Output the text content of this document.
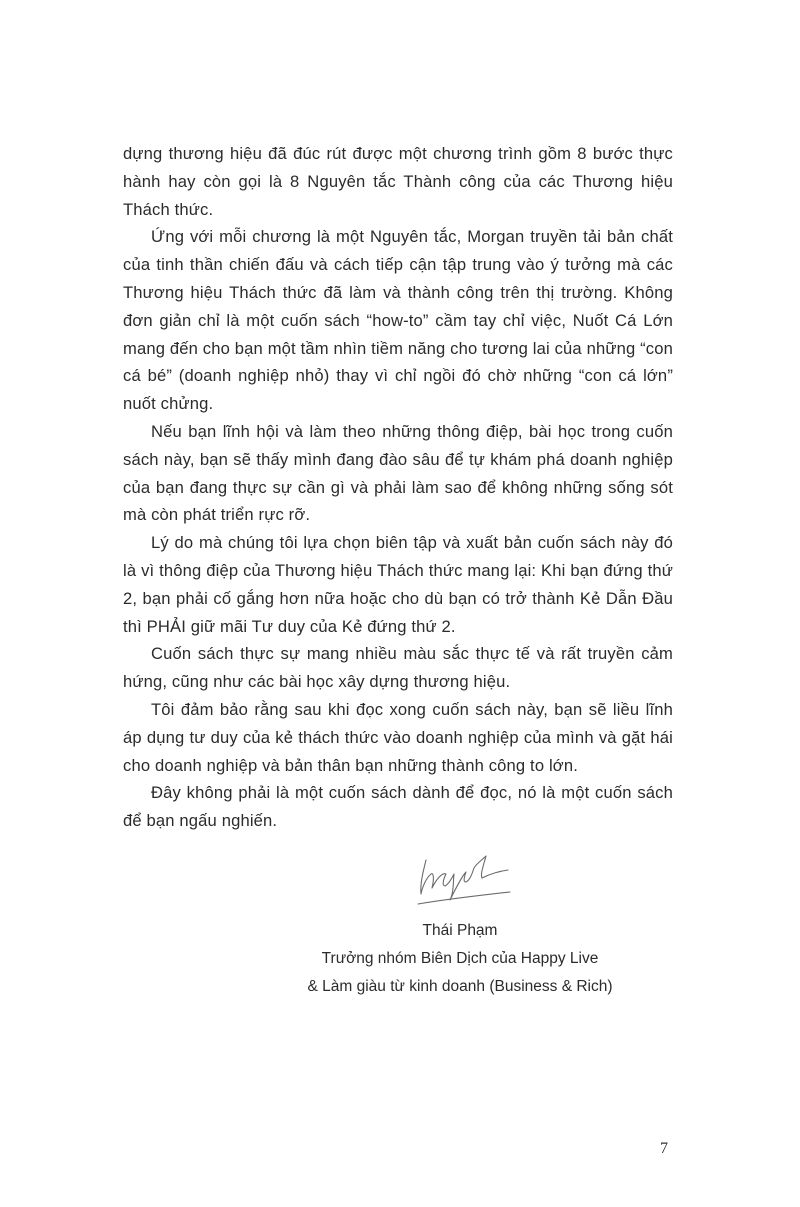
dựng thương hiệu đã đúc rút được một chương trình gồm 8 bước thực hành hay còn gọi là 8 Nguyên tắc Thành công của các Thương hiệu Thách thức.

Ứng với mỗi chương là một Nguyên tắc, Morgan truyền tải bản chất của tinh thần chiến đấu và cách tiếp cận tập trung vào ý tưởng mà các Thương hiệu Thách thức đã làm và thành công trên thị trường. Không đơn giản chỉ là một cuốn sách “how-to” cầm tay chỉ việc, Nuốt Cá Lớn mang đến cho bạn một tầm nhìn tiềm năng cho tương lai của những “con cá bé” (doanh nghiệp nhỏ) thay vì chỉ ngồi đó chờ những “con cá lớn” nuốt chửng.

Nếu bạn lĩnh hội và làm theo những thông điệp, bài học trong cuốn sách này, bạn sẽ thấy mình đang đào sâu để tự khám phá doanh nghiệp của bạn đang thực sự cần gì và phải làm sao để không những sống sót mà còn phát triển rực rỡ.

Lý do mà chúng tôi lựa chọn biên tập và xuất bản cuốn sách này đó là vì thông điệp của Thương hiệu Thách thức mang lại: Khi bạn đứng thứ 2, bạn phải cố gắng hơn nữa hoặc cho dù bạn có trở thành Kẻ Dẫn Đầu thì PHẢI giữ mãi Tư duy của Kẻ đứng thứ 2.

Cuốn sách thực sự mang nhiều màu sắc thực tế và rất truyền cảm hứng, cũng như các bài học xây dựng thương hiệu.

Tôi đảm bảo rằng sau khi đọc xong cuốn sách này, bạn sẽ liều lĩnh áp dụng tư duy của kẻ thách thức vào doanh nghiệp của mình và gặt hái cho doanh nghiệp và bản thân bạn những thành công to lớn.

Đây không phải là một cuốn sách dành để đọc, nó là một cuốn sách để bạn ngấu nghiến.

Thái Phạm
Trưởng nhóm Biên Dịch của Happy Live
& Làm giàu từ kinh doanh (Business & Rich)
7
